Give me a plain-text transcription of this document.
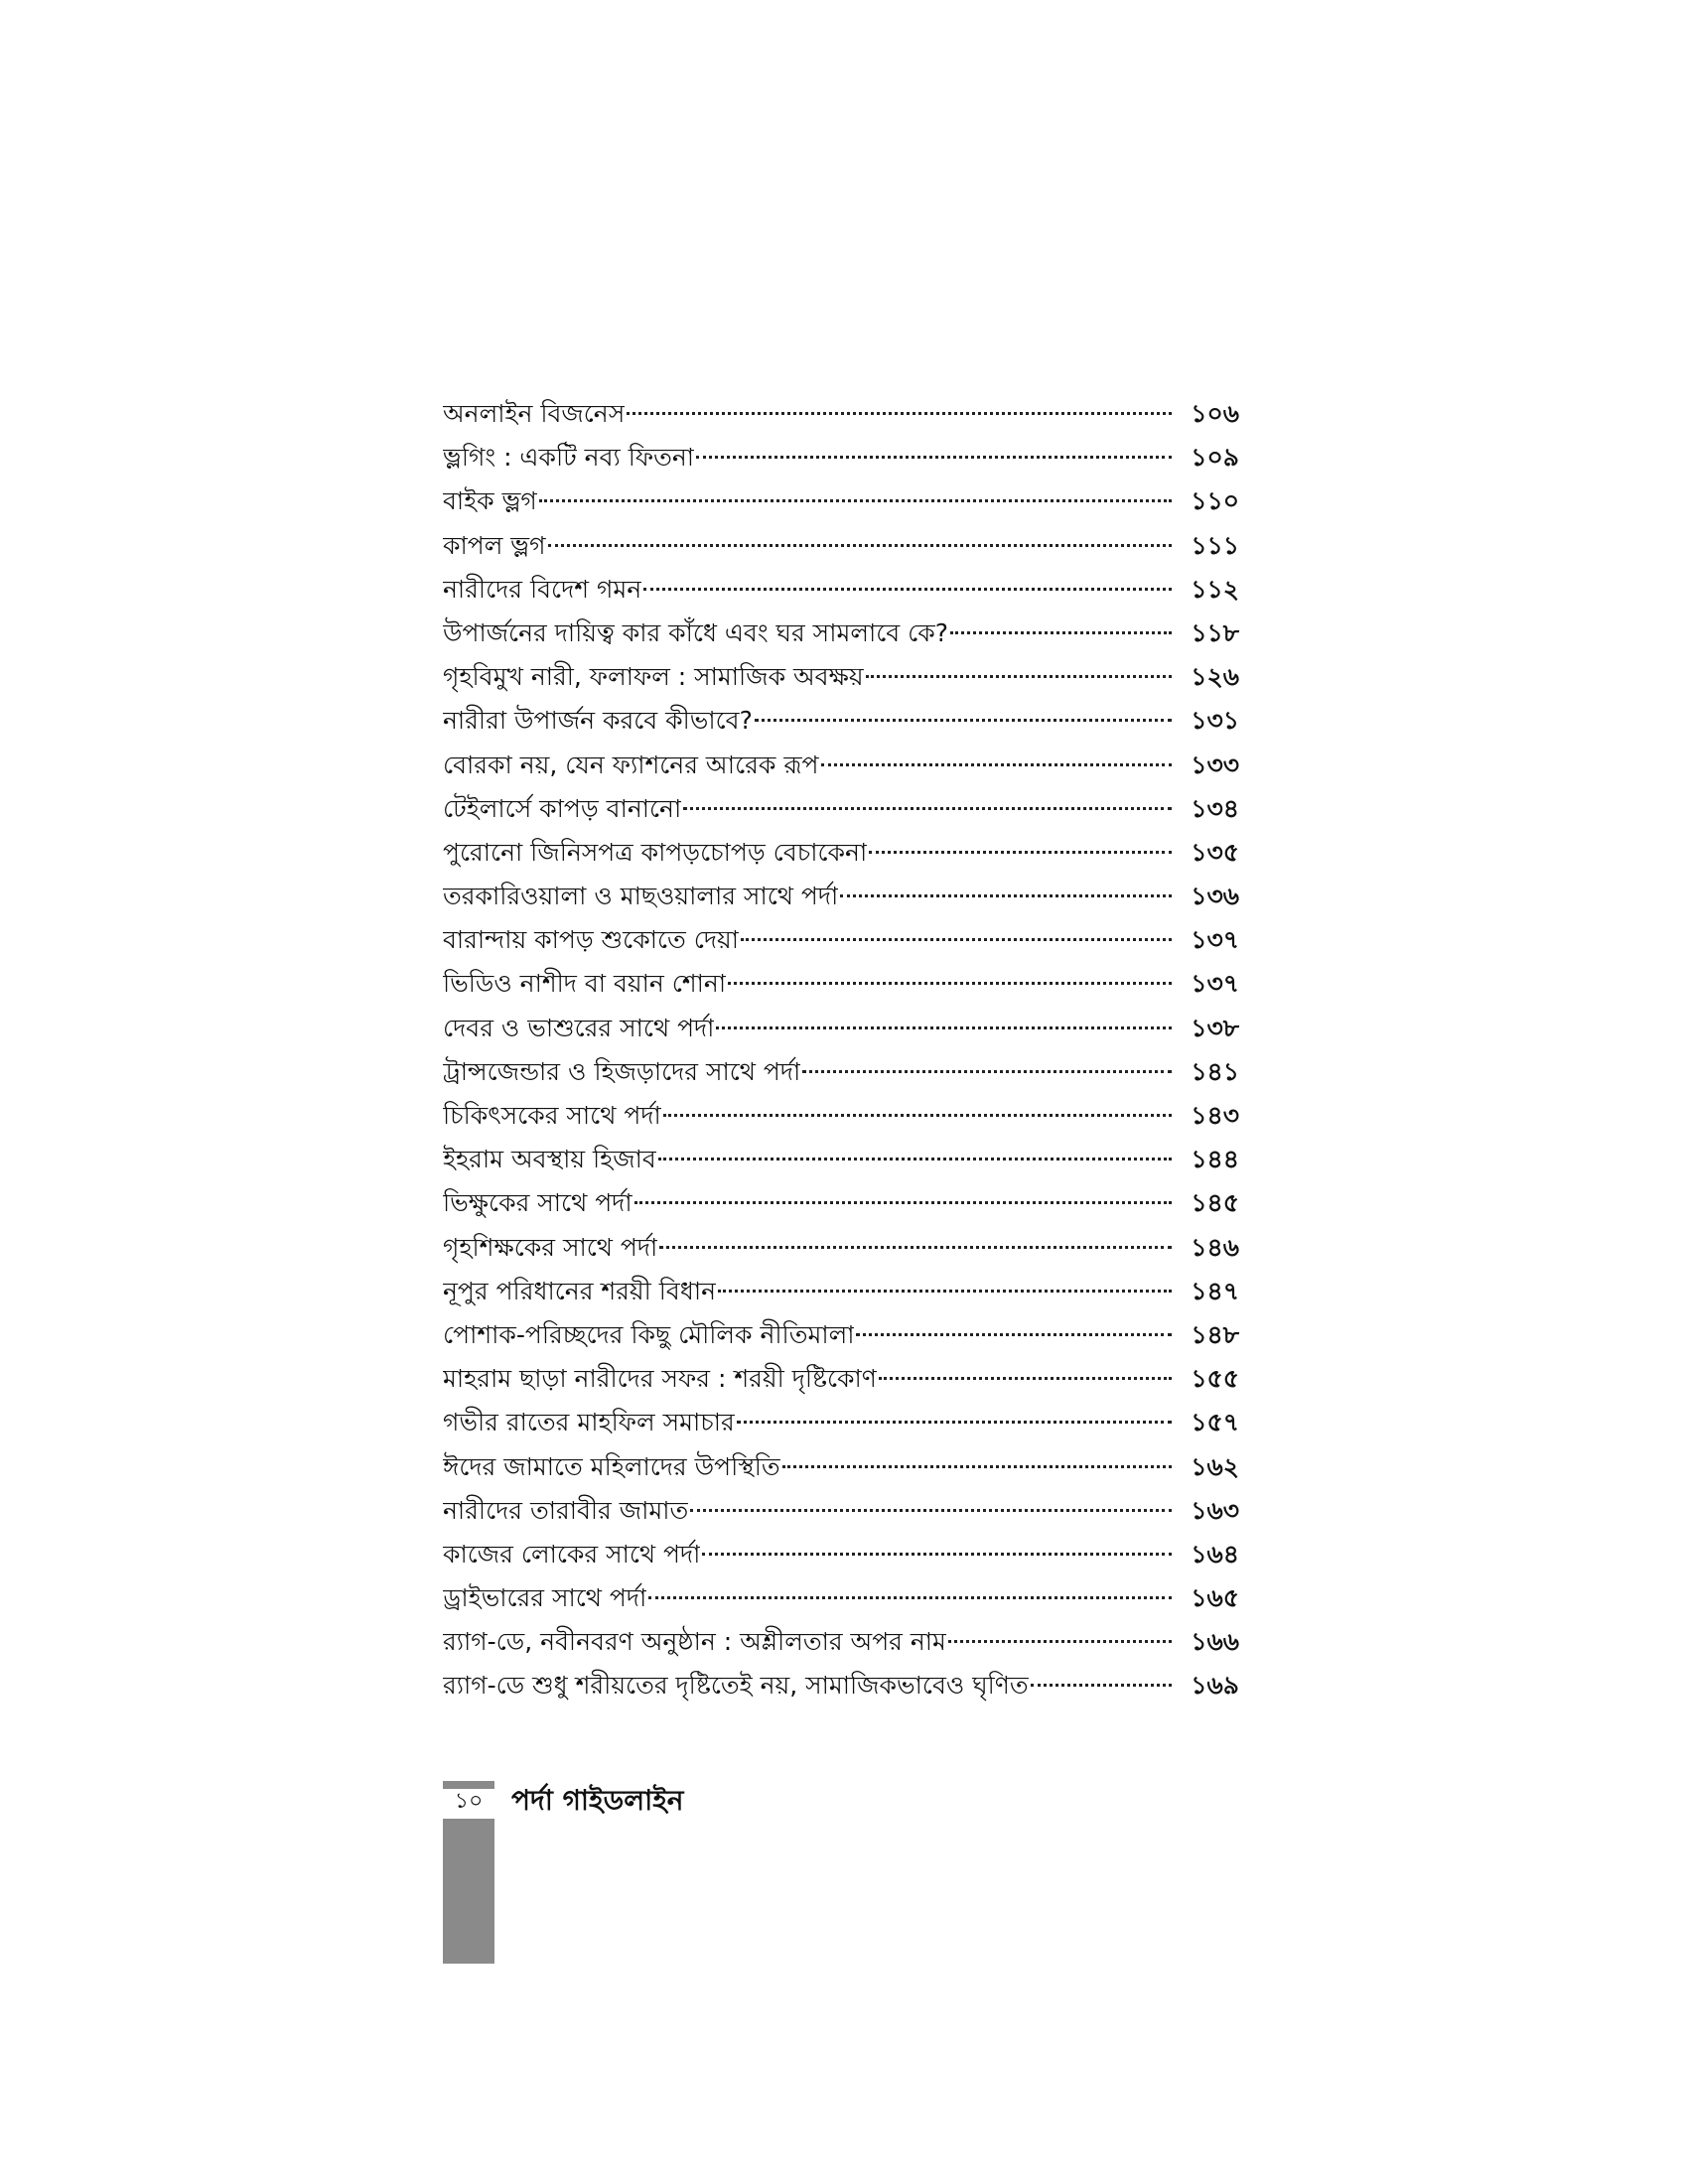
অনলাইন বিজনেস	১০৬
ভ্লগিং : একটি নব্য ফিতনা	১০৯
বাইক ভ্লগ	১১০
কাপল ভ্লগ	১১১
নারীদের বিদেশ গমন	১১২
উপার্জনের দায়িত্ব কার কাঁধে এবং ঘর সামলাবে কে?	১১৮
গৃহবিমুখ নারী, ফলাফল : সামাজিক অবক্ষয়	১২৬
নারীরা উপার্জন করবে কীভাবে?	১৩১
বোরকা নয়, যেন ফ্যাশনের আরেক রূপ	১৩৩
টেইলার্সে কাপড় বানানো	১৩৪
পুরোনো জিনিসপত্র কাপড়চোপড় বেচাকেনা	১৩৫
তরকারিওয়ালা ও মাছওয়ালার সাথে পর্দা	১৩৬
বারান্দায় কাপড় শুকোতে দেয়া	১৩৭
ভিডিও নাশীদ বা বয়ান শোনা	১৩৭
দেবর ও ভাশুরের সাথে পর্দা	১৩৮
ট্রান্সজেন্ডার ও হিজড়াদের সাথে পর্দা	১৪১
চিকিৎসকের সাথে পর্দা	১৪৩
ইহরাম অবস্থায় হিজাব	১৪৪
ভিক্ষুকের সাথে পর্দা	১৪৫
গৃহশিক্ষকের সাথে পর্দা	১৪৬
নূপুর পরিধানের শরয়ী বিধান	১৪৭
পোশাক-পরিচ্ছদের কিছু মৌলিক নীতিমালা	১৪৮
মাহরাম ছাড়া নারীদের সফর : শরয়ী দৃষ্টিকোণ	১৫৫
গভীর রাতের মাহফিল সমাচার	১৫৭
ঈদের জামাতে মহিলাদের উপস্থিতি	১৬২
নারীদের তারাবীর জামাত	১৬৩
কাজের লোকের সাথে পর্দা	১৬৪
ড্রাইভারের সাথে পর্দা	১৬৫
র‍্যাগ-ডে, নবীনবরণ অনুষ্ঠান : অশ্লীলতার অপর নাম	১৬৬
র‍্যাগ-ডে শুধু শরীয়তের দৃষ্টিতেই নয়, সামাজিকভাবেও ঘৃণিত	১৬৯
১০	পর্দা গাইডলাইন
